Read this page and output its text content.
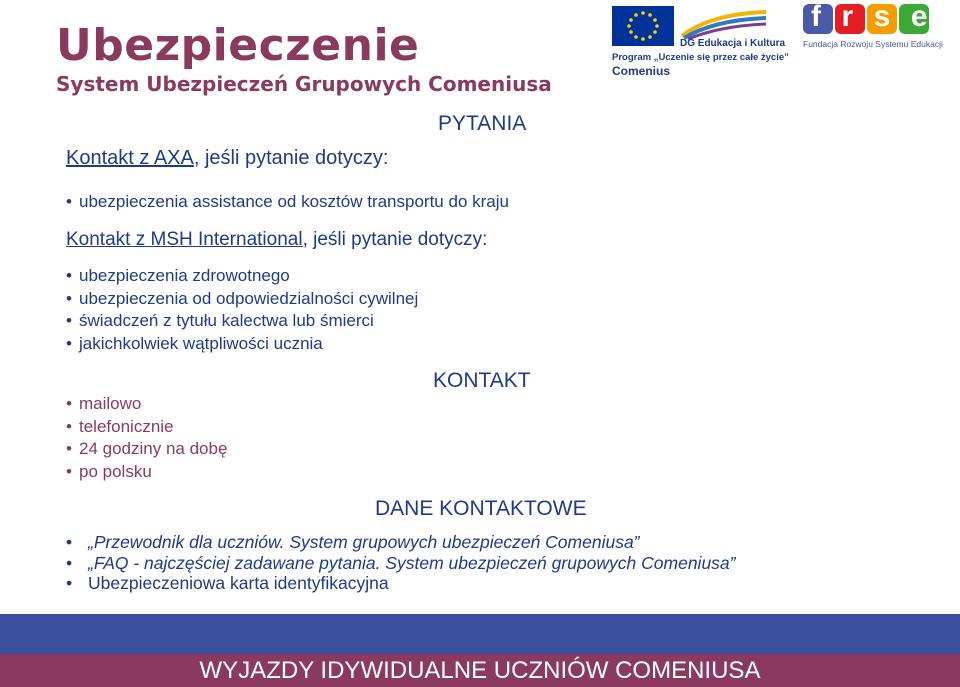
Ubezpieczenie
System Ubezpieczeń Grupowych Comeniusa
DG Edukacja i Kultura
Program „Uczenie się przez całe życie”
Comenius
frse
Fundacja Rozwoju Systemu Edukacji
PYTANIA
Kontakt z AXA, jeśli pytanie dotyczy:
• ubezpieczenia assistance od kosztów transportu do kraju
Kontakt z MSH International, jeśli pytanie dotyczy:
• ubezpieczenia zdrowotnego
• ubezpieczenia od odpowiedzialności cywilnej
• świadczeń z tytułu kalectwa lub śmierci
• jakichkolwiek wątpliwości ucznia
KONTAKT
• mailowo
• telefonicznie
• 24 godziny na dobę
• po polsku
DANE KONTAKTOWE
• „Przewodnik dla uczniów. System grupowych ubezpieczeń Comeniusa”
• „FAQ - najczęściej zadawane pytania. System ubezpieczeń grupowych Comeniusa”
• Ubezpieczeniowa karta identyfikacyjna
WYJAZDY IDYWIDUALNE UCZNIÓW COMENIUSA
